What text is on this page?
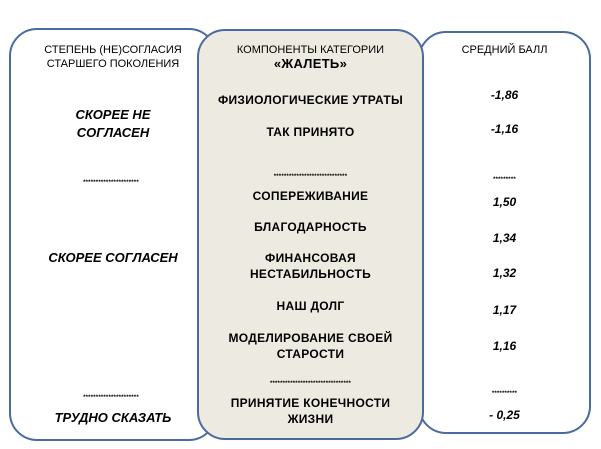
СТЕПЕНЬ (НЕ)СОГЛАСИЯ
СТАРШЕГО ПОКОЛЕНИЯ
СКОРЕЕ НЕ
СОГЛАСЕН
**********************
СКОРЕЕ СОГЛАСЕН
**********************
ТРУДНО СКАЗАТЬ
КОМПОНЕНТЫ КАТЕГОРИИ
«ЖАЛЕТЬ»
ФИЗИОЛОГИЧЕСКИЕ УТРАТЫ
ТАК ПРИНЯТО
*****************************
СОПЕРЕЖИВАНИЕ
БЛАГОДАРНОСТЬ
ФИНАНСОВАЯ
НЕСТАБИЛЬНОСТЬ
НАШ ДОЛГ
МОДЕЛИРОВАНИЕ СВОЕЙ
СТАРОСТИ
********************************
ПРИНЯТИЕ КОНЕЧНОСТИ
ЖИЗНИ
СРЕДНИЙ БАЛЛ
-1,86
-1,16
*********
1,50
1,34
1,32
1,17
1,16
**********
- 0,25
